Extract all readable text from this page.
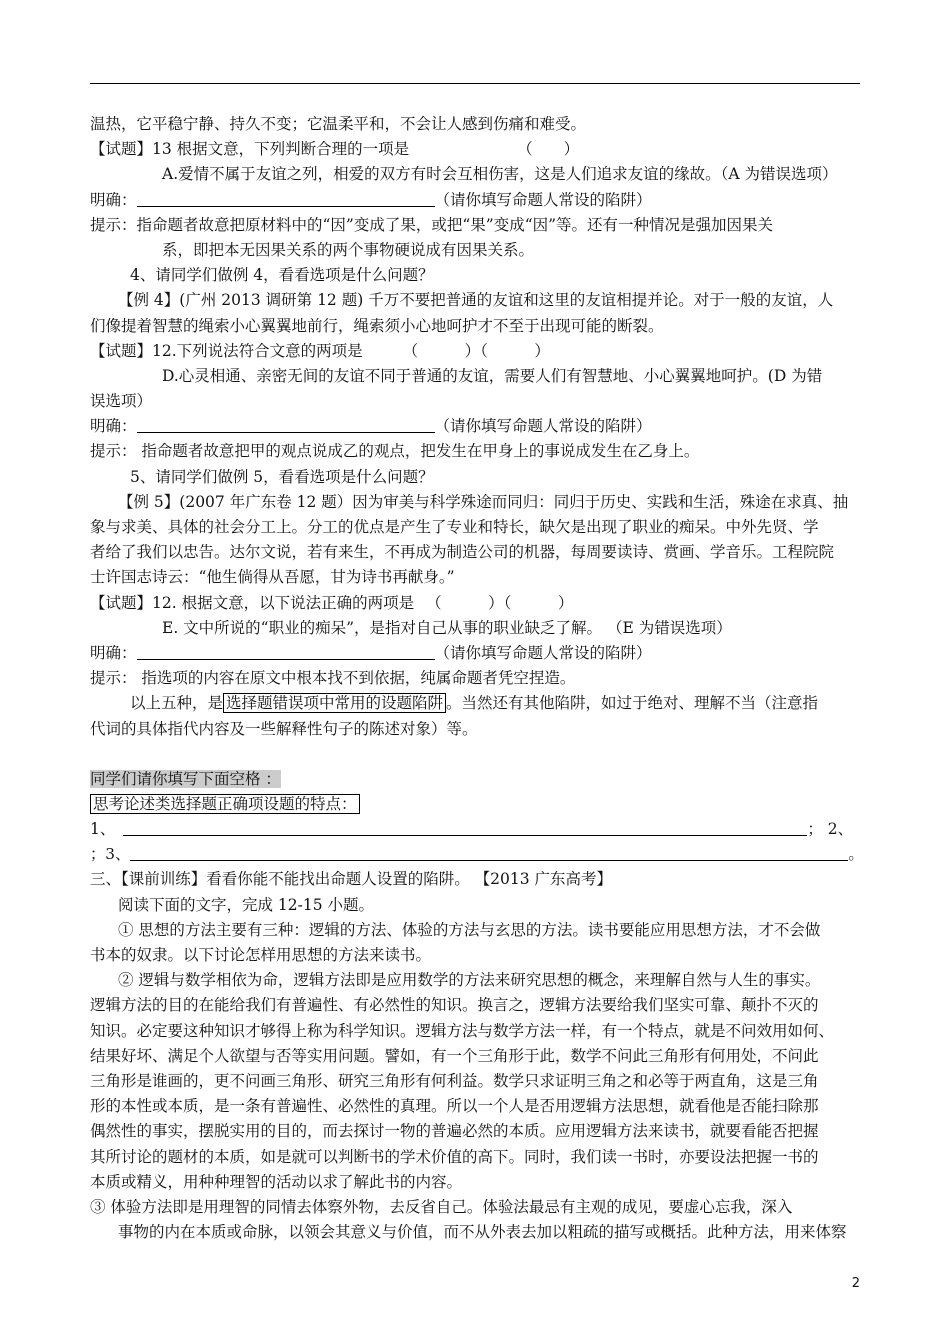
温热，它平稳宁静、持久不变；它温柔平和，不会让人感到伤痛和难受。
【试题】13 根据文意，下列判断合理的一项是	（　　）
A.爱情不属于友谊之列，相爱的双方有时会互相伤害，这是人们追求友谊的缘故。（A 为错误选项）
明确：	（请你填写命题人常设的陷阱）
提示：指命题者故意把原材料中的“因”变成了果，或把“果”变成“因”等。还有一种情况是强加因果关
系，即把本无因果关系的两个事物硬说成有因果关系。
4、请同学们做例 4，看看选项是什么问题？
【例 4】(广州 2013 调研第 12 题) 千万不要把普通的友谊和这里的友谊相提并论。对于一般的友谊，人
们像提着智慧的绳索小心翼翼地前行，绳索须小心地呵护才不至于出现可能的断裂。
【试题】12.下列说法符合文意的两项是	（　　　）（　　　）
D.心灵相通、亲密无间的友谊不同于普通的友谊，需要人们有智慧地、小心翼翼地呵护。(D 为错
误选项）
明确：	（请你填写命题人常设的陷阱）
提示： 指命题者故意把甲的观点说成乙的观点，把发生在甲身上的事说成发生在乙身上。
5、请同学们做例 5，看看选项是什么问题？
【例 5】(2007 年广东卷 12 题）因为审美与科学殊途而同归：同归于历史、实践和生活，殊途在求真、抽
象与求美、具体的社会分工上。分工的优点是产生了专业和特长，缺欠是出现了职业的痴呆。中外先贤、学
者给了我们以忠告。达尔文说，若有来生，不再成为制造公司的机器，每周要读诗、赏画、学音乐。工程院院
士许国志诗云：“他生倘得从吾愿，甘为诗书再献身。”
【试题】12. 根据文意，以下说法正确的两项是 （　　　）（　　　）
E. 文中所说的“职业的痴呆”，是指对自己从事的职业缺乏了解。 （E 为错误选项）
明确：	（请你填写命题人常设的陷阱）
提示： 指选项的内容在原文中根本找不到依据，纯属命题者凭空捏造。
以上五种，是 选择题错误项中常用的设题陷阱 。当然还有其他陷阱，如过于绝对、理解不当（注意指
代词的具体指代内容及一些解释性句子的陈述对象）等。
同学们请你填写下面空格 ：
思考论述类选择题正确项设题的特点：
1、	； 2、
；3、	。
三、【课前训练】看看你能不能找出命题人设置的陷阱。 【2013 广东高考】
阅读下面的文字，完成 12-15 小题。
① 思想的方法主要有三种：逻辑的方法、体验的方法与玄思的方法。读书要能应用思想方法，才不会做
书本的奴隶。以下讨论怎样用思想的方法来读书。
② 逻辑与数学相依为命，逻辑方法即是应用数学的方法来研究思想的概念，来理解自然与人生的事实。
逻辑方法的目的在能给我们有普遍性、有必然性的知识。换言之，逻辑方法要给我们坚实可靠、颠扑不灭的
知识。必定要这种知识才够得上称为科学知识。逻辑方法与数学方法一样，有一个特点，就是不问效用如何、
结果好坏、满足个人欲望与否等实用问题。譬如，有一个三角形于此，数学不问此三角形有何用处，不问此
三角形是谁画的，更不问画三角形、研究三角形有何利益。数学只求证明三角之和必等于两直角，这是三角
形的本性或本质，是一条有普遍性、必然性的真理。所以一个人是否用逻辑方法思想，就看他是否能扫除那
偶然性的事实，摆脱实用的目的，而去探讨一物的普遍必然的本质。应用逻辑方法来读书，就要看能否把握
其所讨论的题材的本质，如是就可以判断书的学术价值的高下。同时，我们读一书时，亦要设法把握一书的
本质或精义，用种种理智的活动以求了解此书的内容。
③ 体验方法即是用理智的同情去体察外物，去反省自己。体验法最忌有主观的成见，要虚心忘我，深入
事物的内在本质或命脉，以领会其意义与价值，而不从外表去加以粗疏的描写或概括。此种方法，用来体察
2
